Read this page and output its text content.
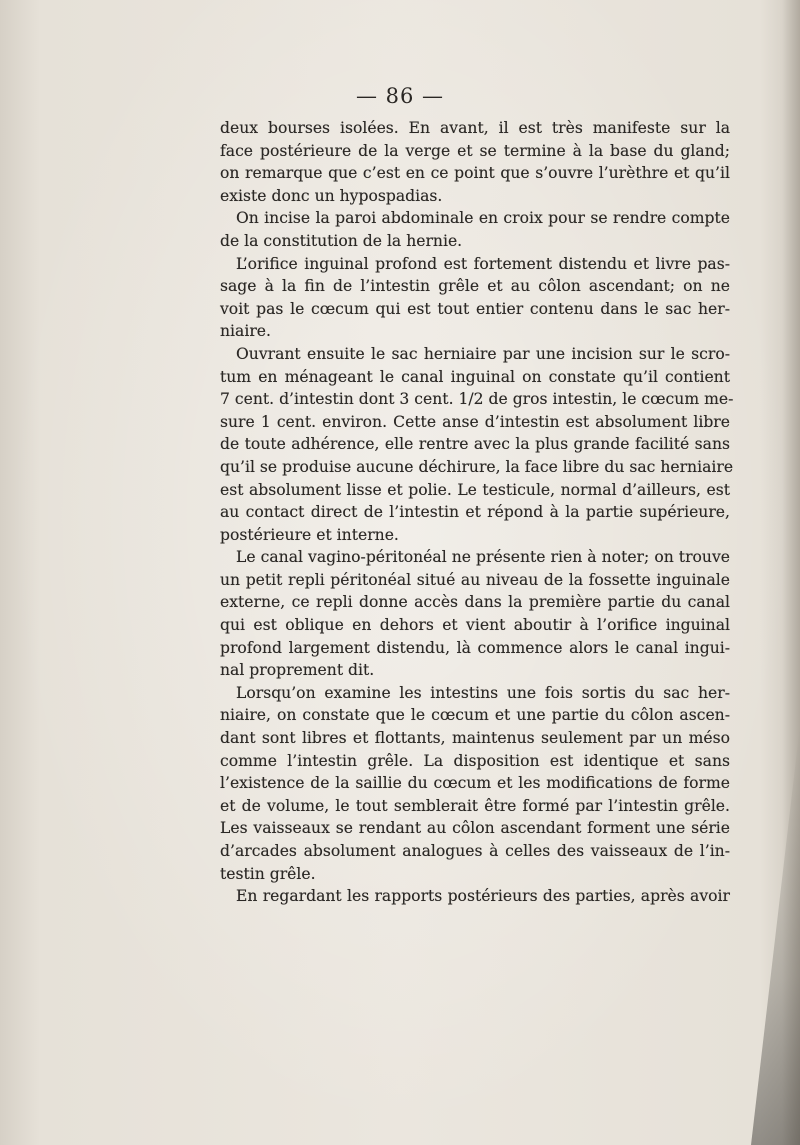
— 86 —
deux bourses isolées. En avant, il est très manifeste sur la
face postérieure de la verge et se termine à la base du gland;
on remarque que c’est en ce point que s’ouvre l’urèthre et qu’il
existe donc un hypospadias.
On incise la paroi abdominale en croix pour se rendre compte
de la constitution de la hernie.
L’orifice inguinal profond est fortement distendu et livre pas-
sage à la fin de l’intestin grêle et au côlon ascendant; on ne
voit pas le cœcum qui est tout entier contenu dans le sac her-
niaire.
Ouvrant ensuite le sac herniaire par une incision sur le scro-
tum en ménageant le canal inguinal on constate qu’il contient
7 cent. d’intestin dont 3 cent. 1/2 de gros intestin, le cœcum me-
sure 1 cent. environ. Cette anse d’intestin est absolument libre
de toute adhérence, elle rentre avec la plus grande facilité sans
qu’il se produise aucune déchirure, la face libre du sac herniaire
est absolument lisse et polie. Le testicule, normal d’ailleurs, est
au contact direct de l’intestin et répond à la partie supérieure,
postérieure et interne.
Le canal vagino-péritonéal ne présente rien à noter; on trouve
un petit repli péritonéal situé au niveau de la fossette inguinale
externe, ce repli donne accès dans la première partie du canal
qui est oblique en dehors et vient aboutir à l’orifice inguinal
profond largement distendu, là commence alors le canal ingui-
nal proprement dit.
Lorsqu’on examine les intestins une fois sortis du sac her-
niaire, on constate que le cœcum et une partie du côlon ascen-
dant sont libres et flottants, maintenus seulement par un méso
comme l’intestin grêle. La disposition est identique et sans
l’existence de la saillie du cœcum et les modifications de forme
et de volume, le tout semblerait être formé par l’intestin grêle.
Les vaisseaux se rendant au côlon ascendant forment une série
d’arcades absolument analogues à celles des vaisseaux de l’in-
testin grêle.
En regardant les rapports postérieurs des parties, après avoir
